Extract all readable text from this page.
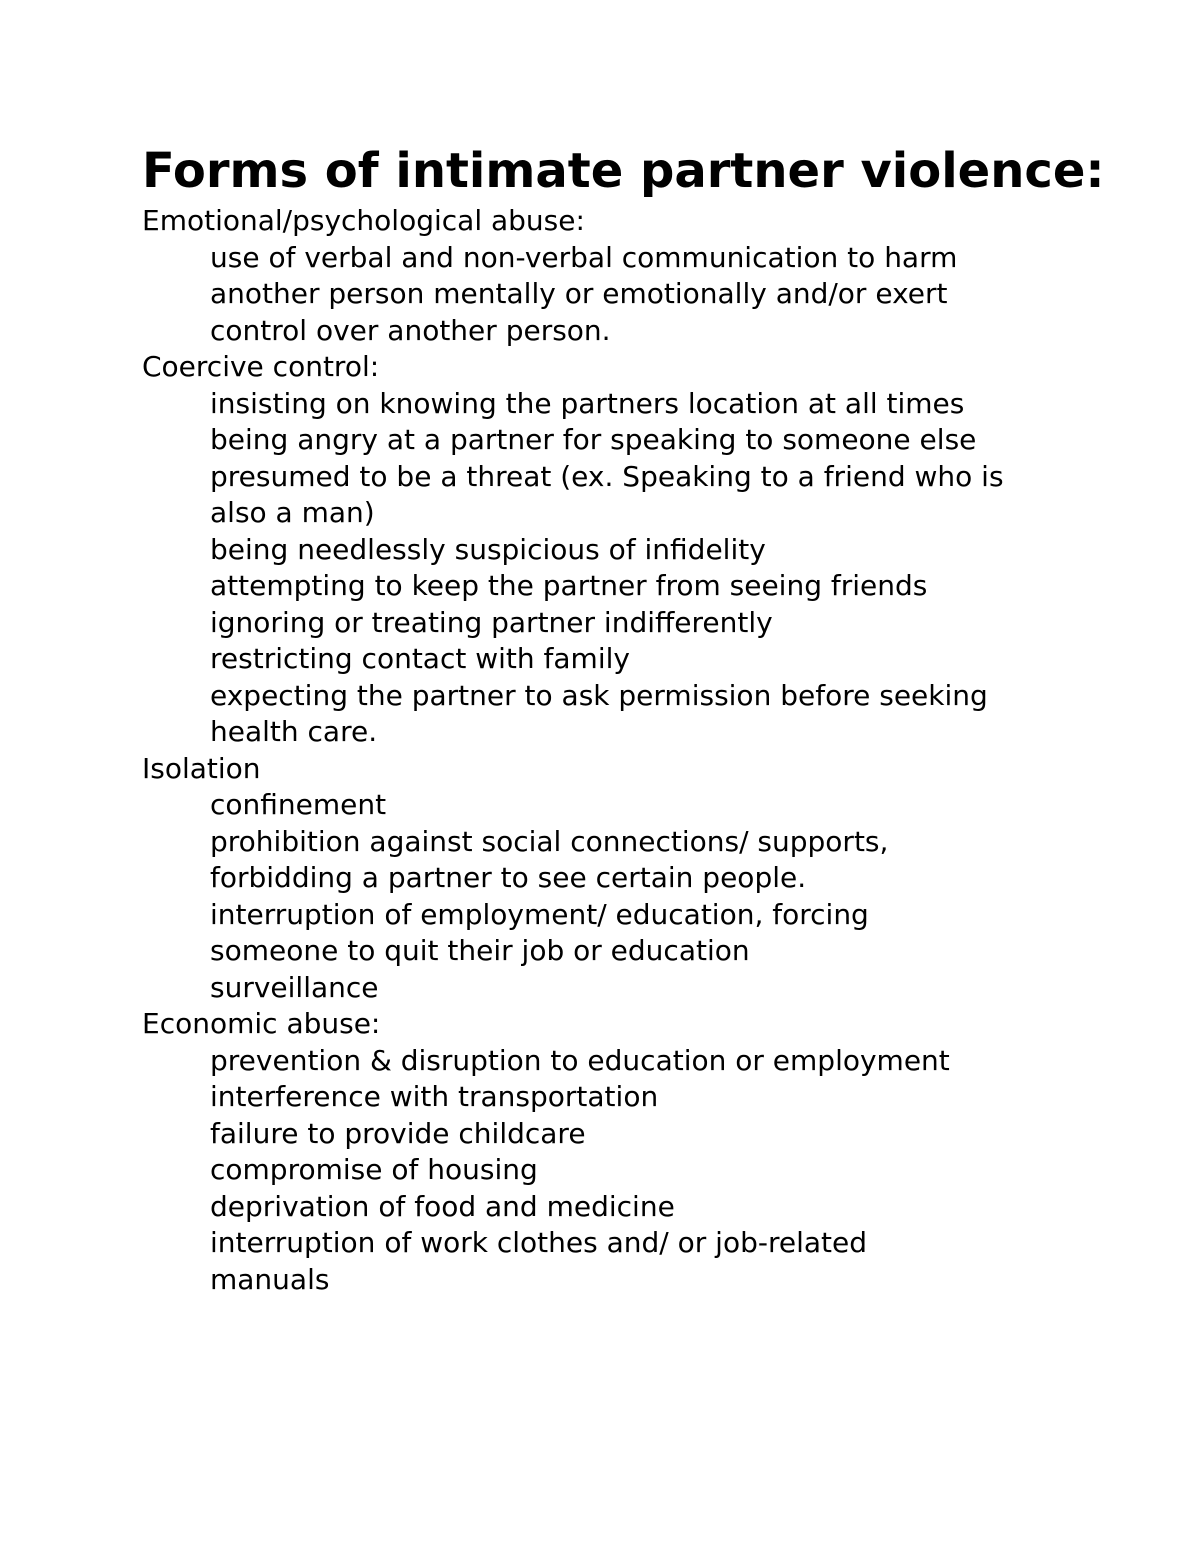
Forms of intimate partner violence:
Emotional/psychological abuse:
use of verbal and non-verbal communication to harm another person mentally or emotionally and/or exert control over another person.
Coercive control:
insisting on knowing the partners location at all times
being angry at a partner for speaking to someone else presumed to be a threat (ex. Speaking to a friend who is also a man)
being needlessly suspicious of infidelity
attempting to keep the partner from seeing friends
ignoring or treating partner indifferently
restricting contact with family
expecting the partner to ask permission before seeking health care.
Isolation
confinement
prohibition against social connections/ supports, forbidding a partner to see certain people.
interruption of employment/ education, forcing someone to quit their job or education
surveillance
Economic abuse:
prevention & disruption to education or employment
interference with transportation
failure to provide childcare
compromise of housing
deprivation of food and medicine
interruption of work clothes and/ or job-related manuals
